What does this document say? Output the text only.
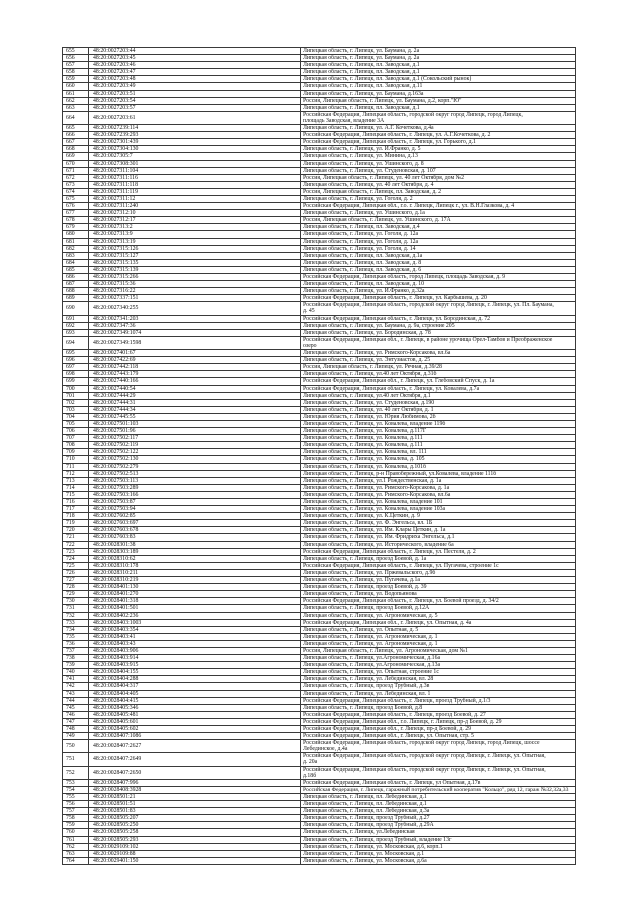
655	48:20:0027203:44	Липецкая область, г. Липецк, ул. Баумана, д. 2а
656	48:20:0027203:45	Липецкая область, г. Липецк, ул. Баумана, д. 2а
657	48:20:0027203:46	Липецкая область, г. Липецк, пл. Заводская, д.1
658	48:20:0027203:47	Липецкая область, г. Липецк, пл. Заводская, д.1
659	48:20:0027203:48	Липецкая область, г. Липецк, пл. Заводская, д.1 (Сокольский рынок)
660	48:20:0027203:49	Липецкая область, г. Липецк, пл. Заводская, д.11
661	48:20:0027203:51	Липецкая область, г. Липецк, ул. Баумана, д.163а
662	48:20:0027203:54	Россия, Липецкая область, г. Липецк, ул. Баумана, д.2, корп."Ю"
663	48:20:0027203:57	Липецкая область, г. Липецк, пл. Заводская, д.1
664	48:20:0027203:61	Российская Федерация, Липецкая область, городской округ город Липецк, город Липецк,
площадь Заводская, владение 3А
665	48:20:0027239:114	Липецкая область, г. Липецк, ул. А.Г. Кочеткова, д.4а
666	48:20:0027239:293	Российская Федерация, Липецкая область, г. Липецк, ул. А.Г.Кочеткова, д. 2
667	48:20:0027301:439	Российская Федерация, Липецкая область, г. Липецк, ул. Горького, д.1
668	48:20:0027304:130	Липецкая область, г. Липецк, ул. И.Франко, д. 5
669	48:20:0027305:7	Липецкая область, г. Липецк, ул. Минина, д.13
670	48:20:0027308:301	Липецкая область, г. Липецк, ул. Ушинского, д. 8
671	48:20:0027311:104	Липецкая область, г. Липецк, ул. Студеновская, д. 107
672	48:20:0027311:116	Россия, Липецкая область, г. Липецк, ул. 40 лет Октября, дом №2
673	48:20:0027311:118	Липецкая область, г. Липецк, ул. 40 лет Октября, д. 4
674	48:20:0027311:119	Россия, Липецкая область, г. Липецк, пл. Заводская, д. 2
675	48:20:0027311:12	Липецкая область, г. Липецк, ул. Гоголя, д. 2
676	48:20:0027311:240	Российская Федерация, Липецкая обл., г.о. г. Липецк, Липецк г., ул. В.Н.Глазкова, д. 4
677	48:20:0027312:10	Липецкая область, г. Липецк, ул. Ушинского, д.1а
678	48:20:0027312:17	Россия, Липецкая область, г. Липецк, ул. Ушинского, д. 17А
679	48:20:0027313:2	Липецкая область, г. Липецк, пл. Заводская, д.4
680	48:20:0027313:9	Липецкая область, г. Липецк, ул. Гоголя, д. 12а
681	48:20:0027313:19	Липецкая область, г. Липецк, ул. Гоголя, д. 12а
682	48:20:0027315:126	Липецкая область, г. Липецк, ул. Гоголя, д. 14
683	48:20:0027315:127	Липецкая область, г. Липецк, пл. Заводская, д.1а
684	48:20:0027315:135	Липецкая область, г. Липецк, пл. Заводская, д. 8
685	48:20:0027315:139	Липецкая область, г. Липецк, пл. Заводская, д. 6
686	48:20:0027315:266	Российская Федерация, Липецкая область, город Липецк, площадь Заводская, д. 9
687	48:20:0027315:36	Липецкая область, г. Липецк, пл. Заводская, д. 10
688	48:20:0027316:22	Липецкая область, г. Липецк, ул. И.Франко, д.32а
689	48:20:0027337:151	Российская Федерация, Липецкая область, г. Липецк, ул. Карбышева, д. 20
690	48:20:0027340:255	Российская Федерация, Липецкая область, городской округ город Липецк, г. Липецк, ул. Пл. Баумана,
д. 45
691	48:20:0027341:203	Российская Федерация, Липецкая область, г. Липецк, ул. Бородинская, д. 72
692	48:20:0027347:36	Липецкая область, г. Липецк, ул. Баумана, д. 9а, строение 205
693	48:20:0027349:1074	Липецкая область, г. Липецк, ул. Бородинская, д. 78
694	48:20:0027349:1598	Российская Федерация, Липецкая обл., г. Липецк, в районе урочища Орел-Тамбов и Преображенское
озеро
695	48:20:0027401:67	Липецкая область, г. Липецк, ул. Римского-Корсакова, вл.6а
696	48:20:0027422:69	Липецкая область, г. Липецк, ул. Энтузиастов, д. 25
697	48:20:0027442:118	Россия, Липецкая область, г. Липецк, ул. Речная, д.39/28
698	48:20:0027443:179	Липецкая область, г. Липецк, ул.40 лет Октября, д.31б
699	48:20:0027440:166	Российская Федерация, Липецкая обл., г. Липецк, ул. Глебовский Спуск, д. 1а
700	48:20:0027440:54	Российская Федерация, Липецкая область, г. Липецк, ул. Ковалева, д.7а
701	48:20:0027444:29	Липецкая область, г. Липецк, ул.40 лет Октября, д.1
702	48:20:0027444:31	Липецкая область, г. Липецк, ул. Студеновская, д.190
703	48:20:0027444:34	Липецкая область, г. Липецк, ул. 40 лет Октября, д. 1
704	48:20:0027445:55	Липецкая область, г. Липецк, ул. Юрия Любимова, 2б
705	48:20:0027501:103	Липецкая область, г. Липецк, ул. Ковалева, владение 119б
706	48:20:0027501:96	Липецкая область, г. Липецк, ул. Ковалева, д.117Г
707	48:20:0027502:117	Липецкая область, г. Липецк, ул. Ковалева, д.111
708	48:20:0027502:119	Липецкая область, г. Липецк, ул. Ковалева, д.111
709	48:20:0027502:122	Липецкая область, г. Липецк, ул. Ковалева, вл. 111
710	48:20:0027502:130	Липецкая область, г. Липецк, ул. Ковалева, д. 105
711	48:20:0027502:279	Липецкая область, г. Липецк, ул. Ковалева, д.101б
712	48:20:0027502:513	Липецкая область, г. Липецк, р-н Правобережный, ул.Ковалева, владение 111б
713	48:20:0027503:113	Липецкая область, г. Липецк, ул.1 Рождественская, д. 1а
714	48:20:0027503:289	Липецкая область, г. Липецк, ул. Римского-Корсакова, д. 1а
715	48:20:0027503:166	Липецкая область, г. Липецк, ул. Римского-Корсакова, вл.6а
716	48:20:0027503:87	Липецкая область, г. Липецк, ул. Ковалева, владение 101
717	48:20:0027503:94	Липецкая область, г. Липецк, ул. Ковалева, владение 103а
718	48:20:0027602:85	Липецкая область, г. Липецк, ул. К.Цеткин, д. 9
719	48:20:0027603:697	Липецкая область, г. Липецк, ул. Ф. Энгельса, вл. 1Б
720	48:20:0027603:678	Липецкая область, г. Липецк, ул. Им. Клары Цеткин, д. 1а
721	48:20:0027603:83	Липецкая область, г. Липецк, ул. Им. Фридриха Энгельса, д.1
722	48:20:0028301:38	Липецкая область, г. Липецк, ул. Исторического, владение 6а
723	48:20:0028303:189	Российская Федерация, Липецкая область, г. Липецк, ул. Пестеля, д. 2
724	48:20:0028310:62	Липецкая область, г. Липецк, проезд Боевой, д. 1а
725	48:20:0028310:178	Российская Федерация, Липецкая область, г. Липецк, ул. Пугачева, строение 1с
726	48:20:0028310:211	Липецкая область, г. Липецк, ул. Пржевальского, д.9б
727	48:20:0028310:219	Липецкая область, г. Липецк, ул. Пугачева, д.1а
728	48:20:0028401:130	Липецкая область, г. Липецк, проезд Боевой, д. 39
729	48:20:0028401:270	Липецкая область, г. Липецк, ул. Водопьянова
730	48:20:0028401:318	Российская Федерация, Липецкая область, г. Липецк, ул. Боевой проезд, д. 34/2
731	48:20:0028401:501	Липецкая область, г. Липецк, проезд Боевой, д.12А
732	48:20:0028402:236	Липецкая область, г. Липецк, ул. Агрономическая, д. 5
733	48:20:0028403:1003	Российская Федерация, Липецкая обл., г. Липецк, ул. Опытная, д. 4а
734	48:20:0028403:354	Липецкая область, г. Липецк, ул. Опытная, д. 5
735	48:20:0028403:41	Липецкая область, г. Липецк, ул. Агрономическая, д. 1
736	48:20:0028403:43	Липецкая область, г. Липецк, ул. Агрономическая, д. 1
737	48:20:0028403:906	Россия, Липецкая область, г. Липецк, ул. Агрономическая, дом №1
738	48:20:0028403:914	Липецкая область, г. Липецк, ул.Агрономическая, д.16а
739	48:20:0028403:915	Липецкая область, г. Липецк, ул.Агрономическая, д.13а
740	48:20:0028404:155	Липецкая область, г. Липецк, ул. Опытная, строение 1с
741	48:20:0028404:288	Липецкая область, г. Липецк, ул. Лебединская, вл. 28
742	48:20:0028404:317	Липецкая область, г. Липецк, проезд Трубный, д.3в
743	48:20:0028404:405	Липецкая область, г. Липецк, ул. Лебединская, вл. 1
744	48:20:0028404:415	Российская Федерация, Липецкая область, г. Липецк, проезд Трубный, д.1/3
745	48:20:0028405:346	Липецкая область, г. Липецк, проезд Боевой, д.8
746	48:20:0028405:481	Российская Федерация, Липецкая область, г. Липецк, проезд Боевой, д. 27
747	48:20:0028405:601	Российская Федерация, Липецкая обл., г.о. Липецк, г. Липецк, пр-д Боевой, д. 29
748	48:20:0028405:602	Российская Федерация, Липецкая обл., г. Липецк, пр-д Боевой, д. 29
749	48:20:0028407:1086	Российская Федерация, Липецкая обл., г. Липецк, ул. Опытная, стр. 5
750	48:20:0028407:2627	Российская Федерация, Липецкая область, городской округ город Липецк, город Липецк, шоссе
Лебединское, д.4а
751	48:20:0028407:2649	Российская Федерация, Липецкая область, городской округ город Липецк, г. Липецк, ул. Опытная,
д. 20а
752	48:20:0028407:2650	Российская Федерация, Липецкая область, городской округ город Липецк, г. Липецк, ул. Опытная,
д.18б
753	48:20:0028407:996	Российская Федерация, Липецкая область, г. Липецк, ул Опытная, д.17в
754	48:20:0028408:3928	Российская Федерация, г. Липецк, гаражный потребительский кооператив "Кольцо", ряд 12, гараж №32,32а,33
755	48:20:0028501:21	Липецкая область, г. Липецк, пл. Лебединская, д.1
756	48:20:0028501:51	Липецкая область, г. Липецк, пл. Лебединская, д.1
757	48:20:0028501:83	Липецкая область, г. Липецк, пл. Лебединская, д.3а
758	48:20:0028505:207	Липецкая область, г. Липецк, проезд Трубный, д.27
759	48:20:0028505:250	Липецкая область, г. Липецк, проезд Трубный, д.29А
760	48:20:0028505:258	Липецкая область, г. Липецк, ул.Лебединская
761	48:20:0028505:293	Липецкая область, г. Липецк, проезд Трубный, владение 13г
762	48:20:0029109:102	Липецкая область, г. Липецк, ул. Московская, д.6, корп.1
763	48:20:0029109:88	Липецкая область, г. Липецк, ул. Московская, д.1
764	48:20:0029401:150	Липецкая область, г. Липецк, ул. Московская, д.6а
